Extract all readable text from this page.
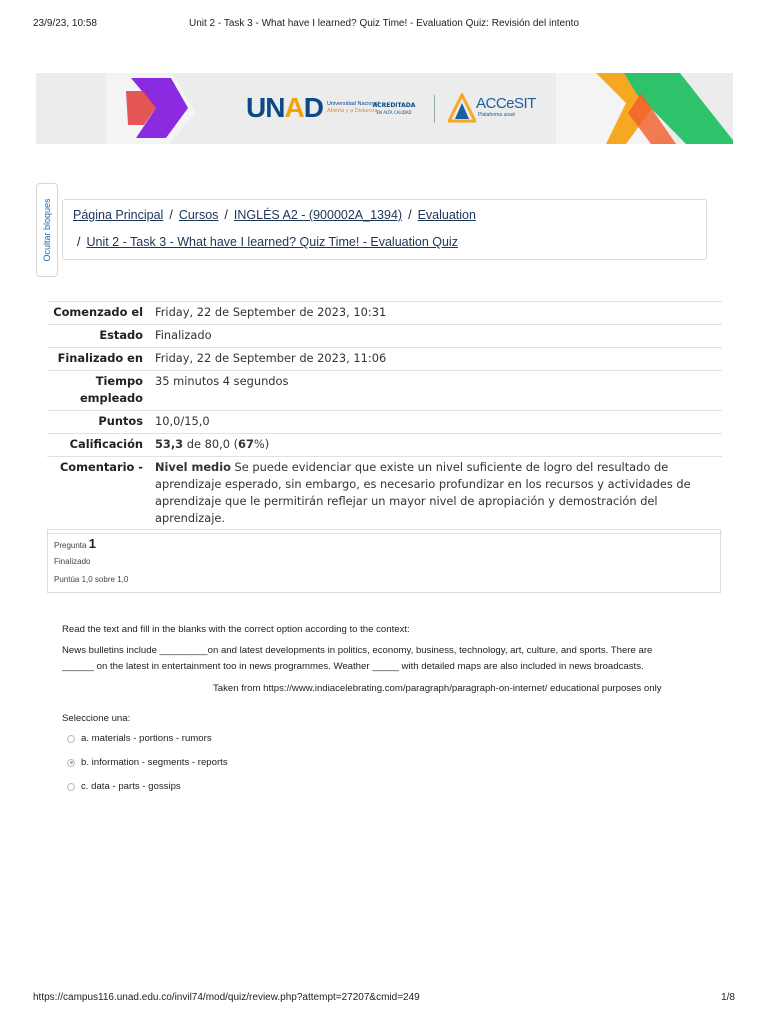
23/9/23, 10:58	Unit 2 - Task 3 - What have I learned? Quiz Time! - Evaluation Quiz: Revisión del intento
UNAD Universidad Nacional
Abierta y a Distancia
ACREDITADA
EN ALTA CALIDAD
ACCeSIT
Plataforma unad
Ocultar bloques Página Principal / Cursos / INGLÉS A2 - (900002A_1394) / Evaluation
/ Unit 2 - Task 3 - What have I learned? Quiz Time! - Evaluation Quiz
Comenzado el	Friday, 22 de September de 2023, 10:31
Estado	Finalizado
Finalizado en	Friday, 22 de September de 2023, 11:06
Tiempo empleado	35 minutos 4 segundos
Puntos	10,0/15,0
Calificación	53,3 de 80,0 (67%)
Comentario -	Nivel medio Se puede evidenciar que existe un nivel suficiente de logro del resultado de aprendizaje esperado, sin embargo, es necesario profundizar en los recursos y actividades de aprendizaje que le permitirán reflejar un mayor nivel de apropiación y demostración del aprendizaje.
Pregunta 1
Finalizado
Puntúa 1,0 sobre 1,0
Read the text and fill in the blanks with the correct option according to the context:
News bulletins include _________on and latest developments in politics, economy, business, technology, art, culture, and sports. There are
______ on the latest in entertainment too in news programmes. Weather _____ with detailed maps are also included in news broadcasts.
Taken from https://www.indiacelebrating.com/paragraph/paragraph-on-internet/ educational purposes only
Seleccione una:
a. materials - portions - rumors
b. information - segments - reports
c. data - parts - gossips
https://campus116.unad.edu.co/invil74/mod/quiz/review.php?attempt=27207&cmid=249	1/8
